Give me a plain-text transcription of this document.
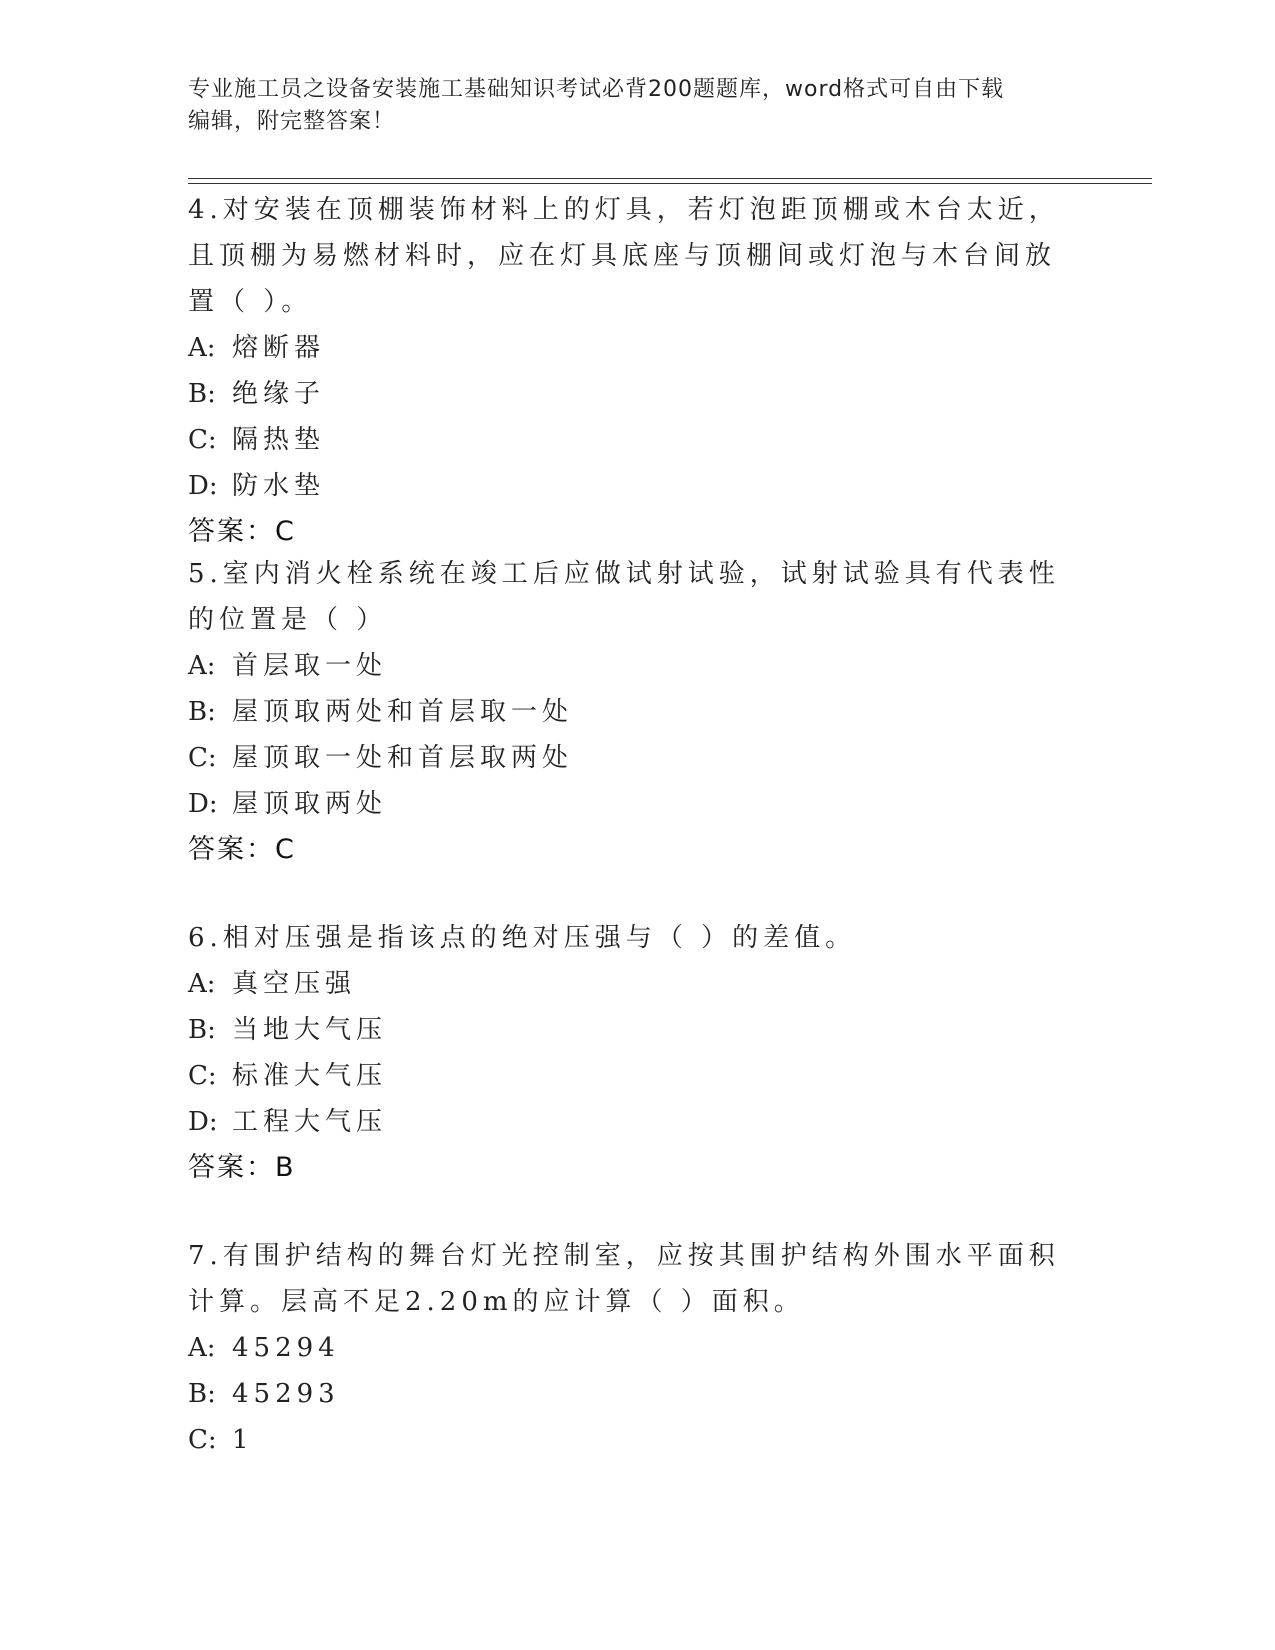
专业施工员之设备安装施工基础知识考试必背200题题库，word格式可自由下载
编辑，附完整答案！

4.对安装在顶棚装饰材料上的灯具，若灯泡距顶棚或木台太近，且顶棚为易燃材料时，应在灯具底座与顶棚间或灯泡与木台间放置（ ）。

A: 熔断器

B: 绝缘子

C: 隔热垫

D: 防水垫

答案：C

5.室内消火栓系统在竣工后应做试射试验，试射试验具有代表性的位置是（ ）

A: 首层取一处

B: 屋顶取两处和首层取一处

C: 屋顶取一处和首层取两处

D: 屋顶取两处

答案：C

6.相对压强是指该点的绝对压强与（ ）的差值。

A: 真空压强

B: 当地大气压

C: 标准大气压

D: 工程大气压

答案：B

7.有围护结构的舞台灯光控制室，应按其围护结构外围水平面积计算。层高不足2.20m的应计算（ ）面积。

A: 45294

B: 45293

C: 1
